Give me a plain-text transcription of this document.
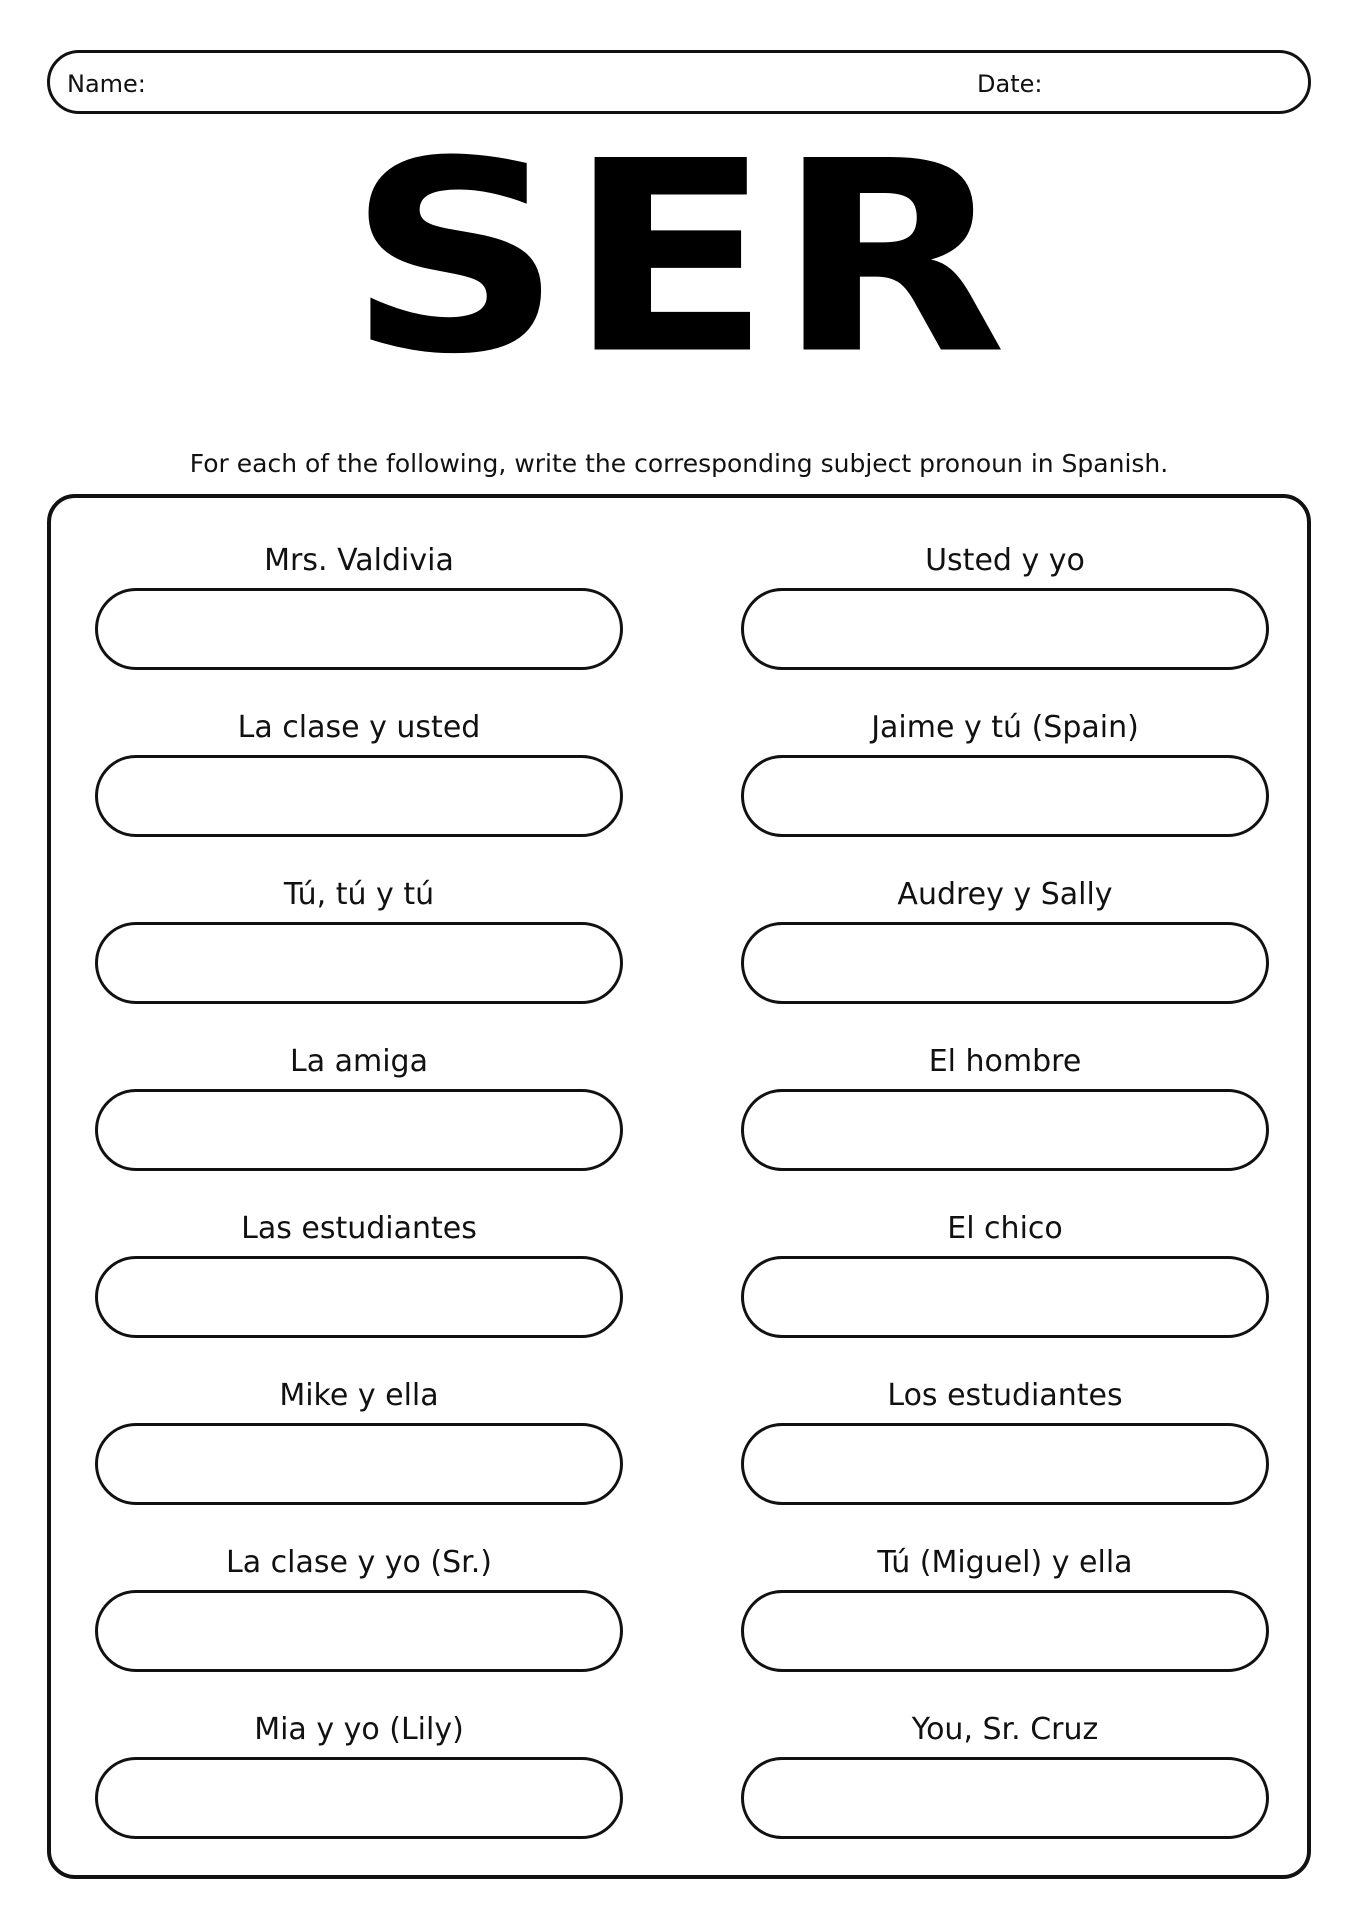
Name:	Date:
SER
For each of the following, write the corresponding subject pronoun in Spanish.
Mrs. Valdivia
La clase y usted
Tú, tú y tú
La amiga
Las estudiantes
Mike y ella
La clase y yo (Sr.)
Mia y yo (Lily)
Usted y yo
Jaime y tú (Spain)
Audrey y Sally
El hombre
El chico
Los estudiantes
Tú (Miguel) y ella
You, Sr. Cruz
